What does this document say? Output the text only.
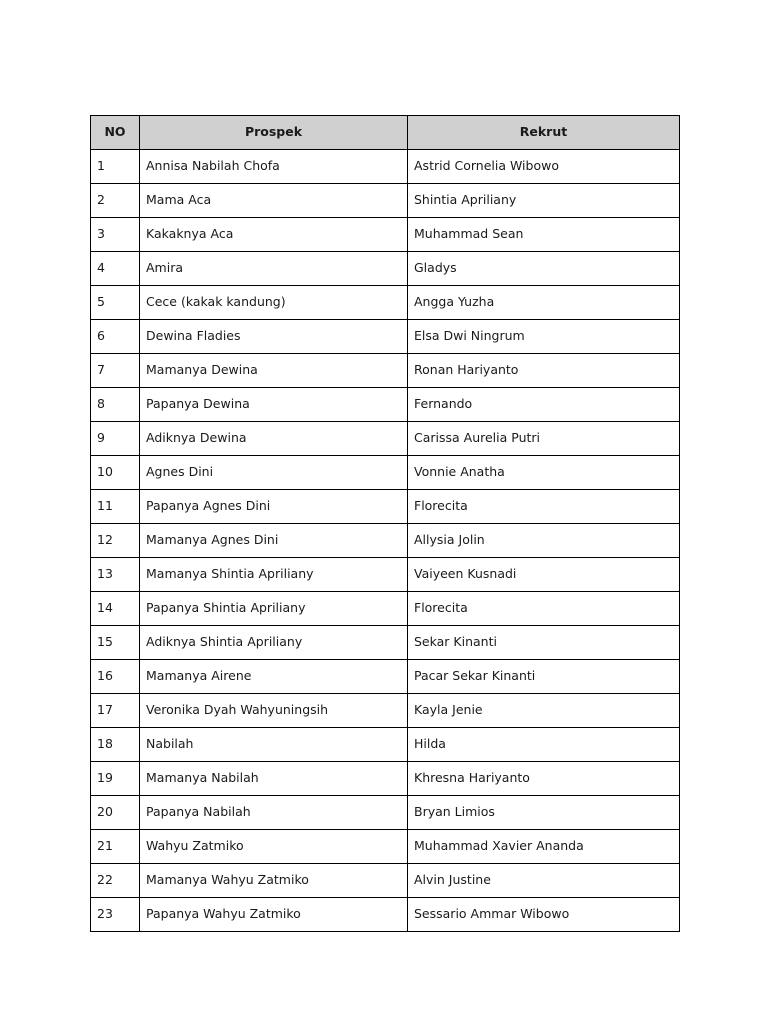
NO	Prospek	Rekrut
1	Annisa Nabilah Chofa	Astrid Cornelia Wibowo
2	Mama Aca	Shintia Apriliany
3	Kakaknya Aca	Muhammad Sean
4	Amira	Gladys
5	Cece (kakak kandung)	Angga Yuzha
6	Dewina Fladies	Elsa Dwi Ningrum
7	Mamanya Dewina	Ronan Hariyanto
8	Papanya Dewina	Fernando
9	Adiknya Dewina	Carissa Aurelia Putri
10	Agnes Dini	Vonnie Anatha
11	Papanya Agnes Dini	Florecita
12	Mamanya Agnes Dini	Allysia Jolin
13	Mamanya Shintia Apriliany	Vaiyeen Kusnadi
14	Papanya Shintia Apriliany	Florecita
15	Adiknya Shintia Apriliany	Sekar Kinanti
16	Mamanya Airene	Pacar Sekar Kinanti
17	Veronika Dyah Wahyuningsih	Kayla Jenie
18	Nabilah	Hilda
19	Mamanya Nabilah	Khresna Hariyanto
20	Papanya Nabilah	Bryan Limios
21	Wahyu Zatmiko	Muhammad Xavier Ananda
22	Mamanya Wahyu Zatmiko	Alvin Justine
23	Papanya Wahyu Zatmiko	Sessario Ammar Wibowo
